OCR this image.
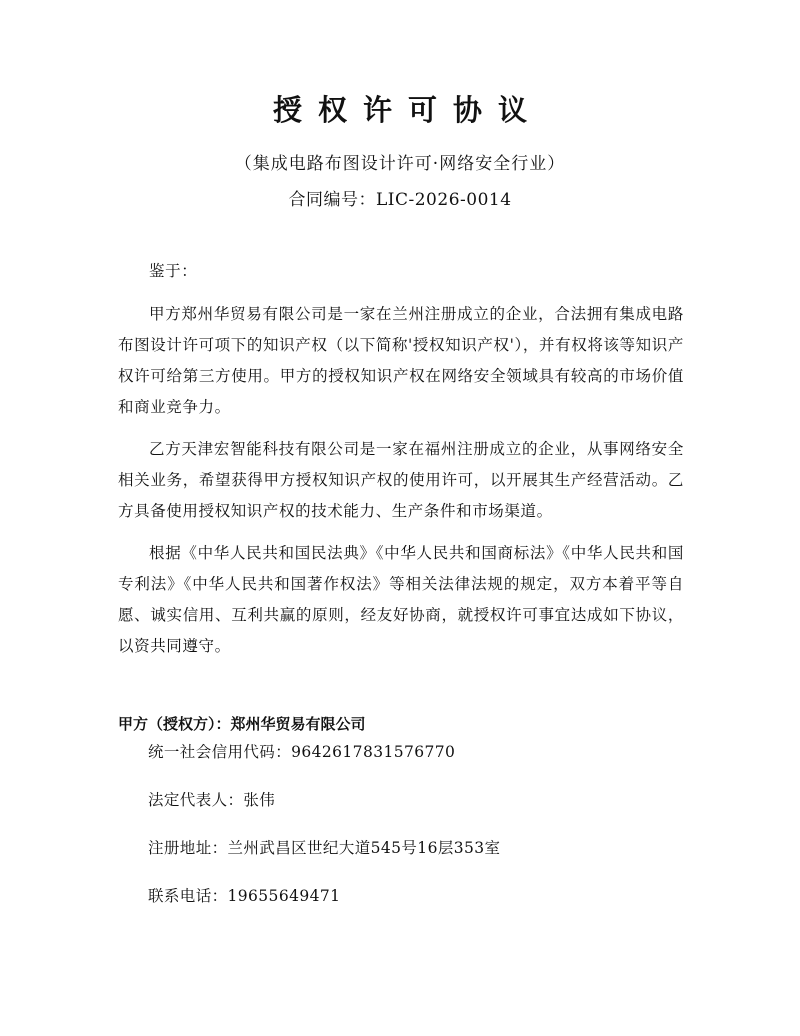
授权许可协议
（集成电路布图设计许可·网络安全行业）
合同编号：LIC-2026-0014

鉴于：

甲方郑州华贸易有限公司是一家在兰州注册成立的企业，合法拥有集成电路布图设计许可项下的知识产权（以下简称'授权知识产权'），并有权将该等知识产权许可给第三方使用。甲方的授权知识产权在网络安全领域具有较高的市场价值和商业竞争力。

乙方天津宏智能科技有限公司是一家在福州注册成立的企业，从事网络安全相关业务，希望获得甲方授权知识产权的使用许可，以开展其生产经营活动。乙方具备使用授权知识产权的技术能力、生产条件和市场渠道。

根据《中华人民共和国民法典》《中华人民共和国商标法》《中华人民共和国专利法》《中华人民共和国著作权法》等相关法律法规的规定，双方本着平等自愿、诚实信用、互利共赢的原则，经友好协商，就授权许可事宜达成如下协议，以资共同遵守。

甲方（授权方）：郑州华贸易有限公司

统一社会信用代码：9642617831576770

法定代表人：张伟

注册地址：兰州武昌区世纪大道545号16层353室

联系电话：19655649471
